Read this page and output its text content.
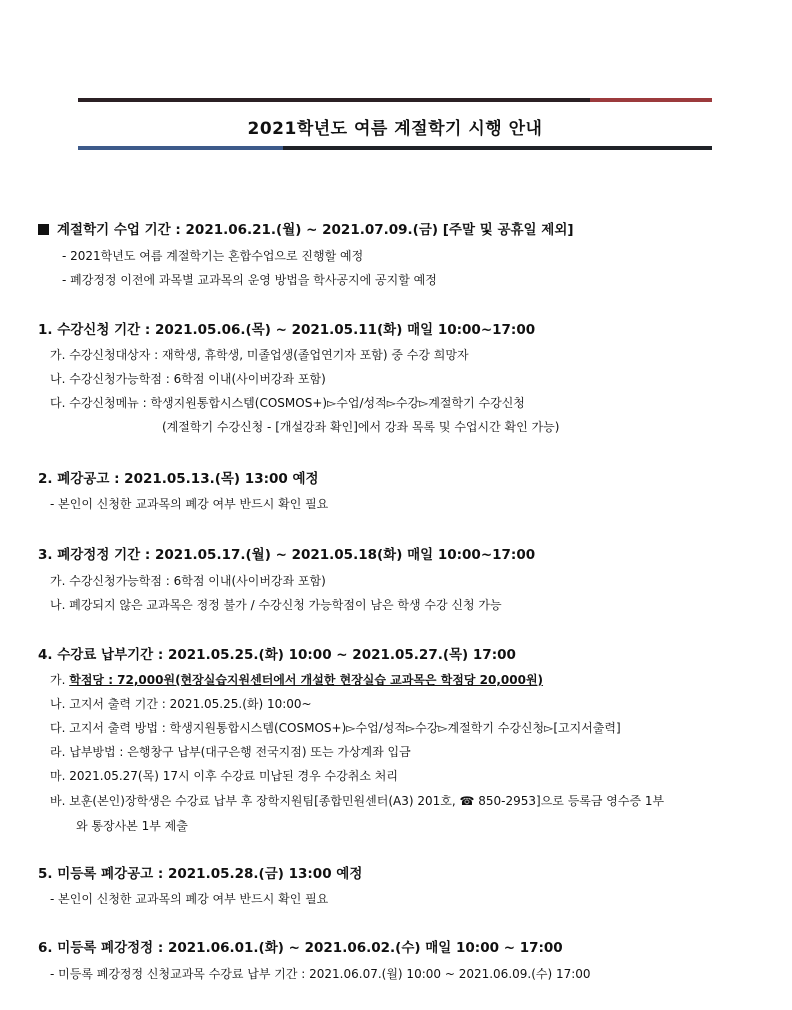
2021학년도 여름 계절학기 시행 안내
계절학기 수업 기간 : 2021.06.21.(월) ~ 2021.07.09.(금) [주말 및 공휴일 제외]
- 2021학년도 여름 계절학기는 혼합수업으로 진행할 예정
- 폐강정정 이전에 과목별 교과목의 운영 방법을 학사공지에 공지할 예정
1. 수강신청 기간 : 2021.05.06.(목) ~ 2021.05.11(화) 매일 10:00~17:00
가. 수강신청대상자 : 재학생, 휴학생, 미졸업생(졸업연기자 포함) 중 수강 희망자
나. 수강신청가능학점 : 6학점 이내(사이버강좌 포함)
다. 수강신청메뉴 : 학생지원통합시스템(COSMOS+)▻수업/성적▻수강▻계절학기 수강신청
(계절학기 수강신청 - [개설강좌 확인]에서 강좌 목록 및 수업시간 확인 가능)
2. 폐강공고 : 2021.05.13.(목) 13:00 예정
- 본인이 신청한 교과목의 폐강 여부 반드시 확인 필요
3. 폐강정정 기간 : 2021.05.17.(월) ~ 2021.05.18(화) 매일 10:00~17:00
가. 수강신청가능학점 : 6학점 이내(사이버강좌 포함)
나. 폐강되지 않은 교과목은 정정 불가 / 수강신청 가능학점이 남은 학생 수강 신청 가능
4. 수강료 납부기간 : 2021.05.25.(화) 10:00 ~ 2021.05.27.(목) 17:00
가. 학점당 : 72,000원(현장실습지원센터에서 개설한 현장실습 교과목은 학점당 20,000원)
나. 고지서 출력 기간 : 2021.05.25.(화) 10:00~
다. 고지서 출력 방법 : 학생지원통합시스템(COSMOS+)▻수업/성적▻수강▻계절학기 수강신청▻[고지서출력]
라. 납부방법 : 은행창구 납부(대구은행 전국지점) 또는 가상계좌 입금
마. 2021.05.27(목) 17시 이후 수강료 미납된 경우 수강취소 처리
바. 보훈(본인)장학생은 수강료 납부 후 장학지원팀[종합민원센터(A3) 201호, ☎ 850-2953]으로 등록금 영수증 1부
와 통장사본 1부 제출
5. 미등록 폐강공고 : 2021.05.28.(금) 13:00 예정
- 본인이 신청한 교과목의 폐강 여부 반드시 확인 필요
6. 미등록 폐강정정 : 2021.06.01.(화) ~ 2021.06.02.(수) 매일 10:00 ~ 17:00
- 미등록 폐강정정 신청교과목 수강료 납부 기간 : 2021.06.07.(월) 10:00 ~ 2021.06.09.(수) 17:00
